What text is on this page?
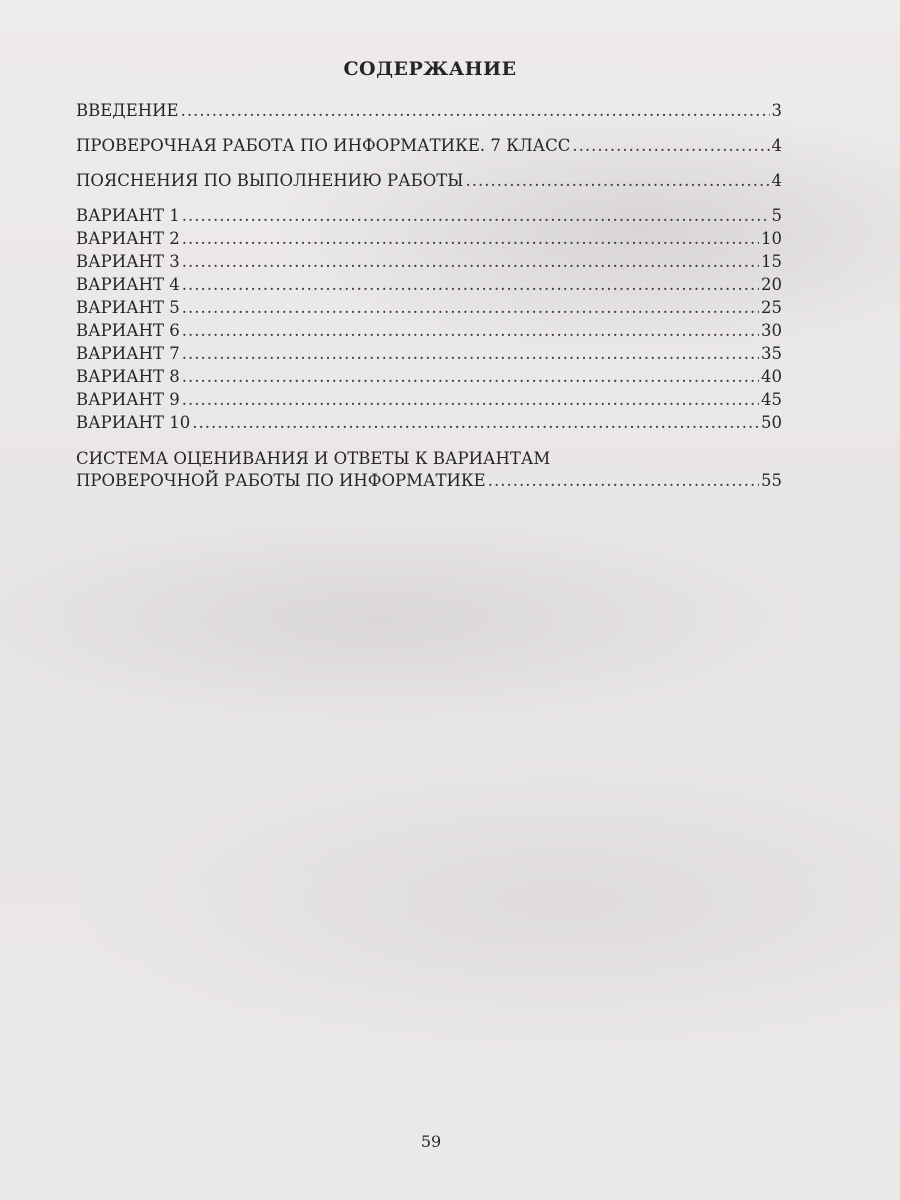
СОДЕРЖАНИЕ
ВВЕДЕНИЕ .....	3
ПРОВЕРОЧНАЯ РАБОТА ПО ИНФОРМАТИКЕ. 7 КЛАСС .....	4
ПОЯСНЕНИЯ ПО ВЫПОЛНЕНИЮ РАБОТЫ .....	4
ВАРИАНТ 1 .....	5
ВАРИАНТ 2 .....	10
ВАРИАНТ 3 .....	15
ВАРИАНТ 4 .....	20
ВАРИАНТ 5 .....	25
ВАРИАНТ 6 .....	30
ВАРИАНТ 7 .....	35
ВАРИАНТ 8 .....	40
ВАРИАНТ 9 .....	45
ВАРИАНТ 10 .....	50
СИСТЕМА ОЦЕНИВАНИЯ И ОТВЕТЫ К ВАРИАНТАМ
ПРОВЕРОЧНОЙ РАБОТЫ ПО ИНФОРМАТИКЕ .....	55
59
